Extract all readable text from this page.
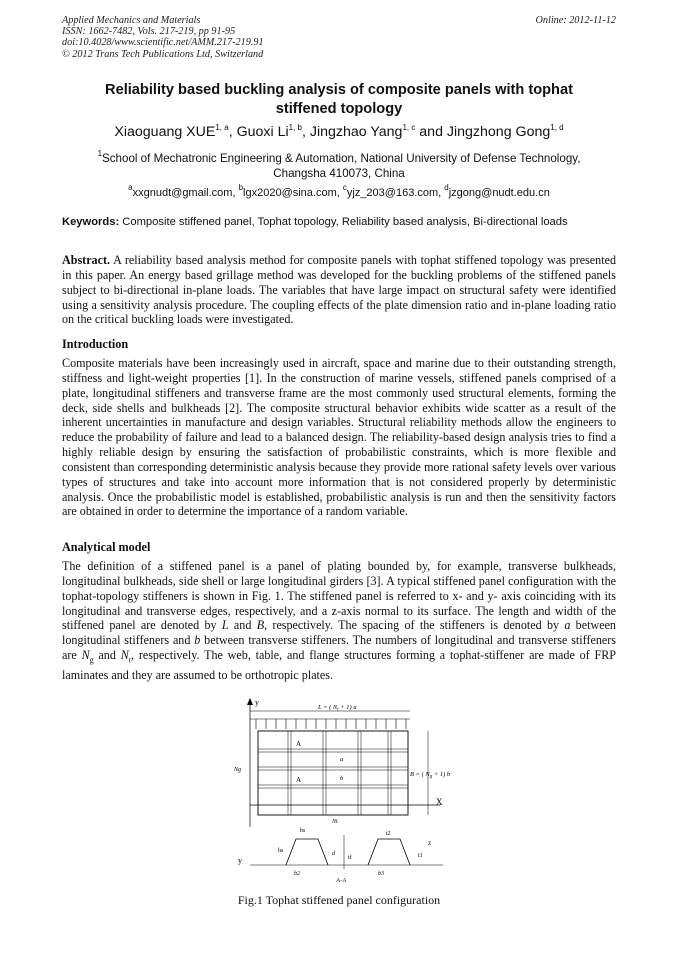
Applied Mechanics and Materials
ISSN: 1662-7482, Vols. 217-219, pp 91-95
doi:10.4028/www.scientific.net/AMM.217-219.91
© 2012 Trans Tech Publications Ltd, Switzerland
Online: 2012-11-12
Reliability based buckling analysis of composite panels with tophat
stiffened topology
Xiaoguang XUE$^{1, a}$, Guoxi Li$^{1, b}$, Jingzhao Yang$^{1, c}$ and Jingzhong Gong$^{1, d}$
$^1$School of Mechatronic Engineering & Automation, National University of Defense Technology,
Changsha 410073, China
$^a$xxgnudt@gmail.com, $^b$lgx2020@sina.com, $^c$yjz_203@163.com, $^d$jzgong@nudt.edu.cn
Keywords: Composite stiffened panel, Tophat topology, Reliability based analysis, Bi-directional loads
Abstract. A reliability based analysis method for composite panels with tophat stiffened topology was presented in this paper. An energy based grillage method was developed for the buckling problems of the stiffened panels subject to bi-directional in-plane loads. The variables that have large impact on structural safety were identified using a sensitivity analysis procedure. The coupling effects of the plate dimension ratio and in-plane loading ratio on the critical buckling loads were investigated.
Introduction
Composite materials have been increasingly used in aircraft, space and marine due to their outstanding strength, stiffness and light-weight properties [1]. In the construction of marine vessels, stiffened panels comprised of a plate, longitudinal stiffeners and transverse frame are the most commonly used structural elements, forming the deck, side shells and bulkheads [2]. The composite structural behavior exhibits wide scatter as a result of the inherent uncertainties in manufacture and design variables. Structural reliability methods allow the engineers to reduce the probability of failure and lead to a balanced design. The reliability-based design analysis tries to find a highly reliable design by ensuring the satisfaction of probabilistic constraints, which is more flexible and consistent than corresponding deterministic analysis because they provide more rational safety levels over various types of structures and take into account more information that is not considered properly by deterministic analysis. Once the probabilistic model is established, probabilistic analysis is run and then the sensitivity factors are obtained in order to determine the importance of a random variable.
Analytical model
The definition of a stiffened panel is a panel of plating bounded by, for example, transverse bulkheads, longitudinal bulkheads, side shell or large longitudinal girders [3]. A typical stiffened panel configuration with the tophat-topology stiffeners is shown in Fig. 1. The stiffened panel is referred to x- and y- axis coinciding with its longitudinal and transverse edges, respectively, and a z-axis normal to its surface. The length and width of the stiffened panel are denoted by L and B, respectively. The spacing of the stiffeners is denoted by a between longitudinal stiffeners and b between transverse stiffeners. The numbers of longitudinal and transverse stiffeners are $N_g$ and $N_t$, respectively. The web, table, and flange structures forming a tophat-stiffener are made of FRP laminates and they are assumed to be orthotropic plates.
y
X
L = ( $N_t + 1$) a
B = ( $N_g + 1$) b
Ng
A
A
a
b
bs
hs	d
tf
t2
t1
b2	b3
Nt
z
y
A-A
Fig.1 Tophat stiffened panel configuration
